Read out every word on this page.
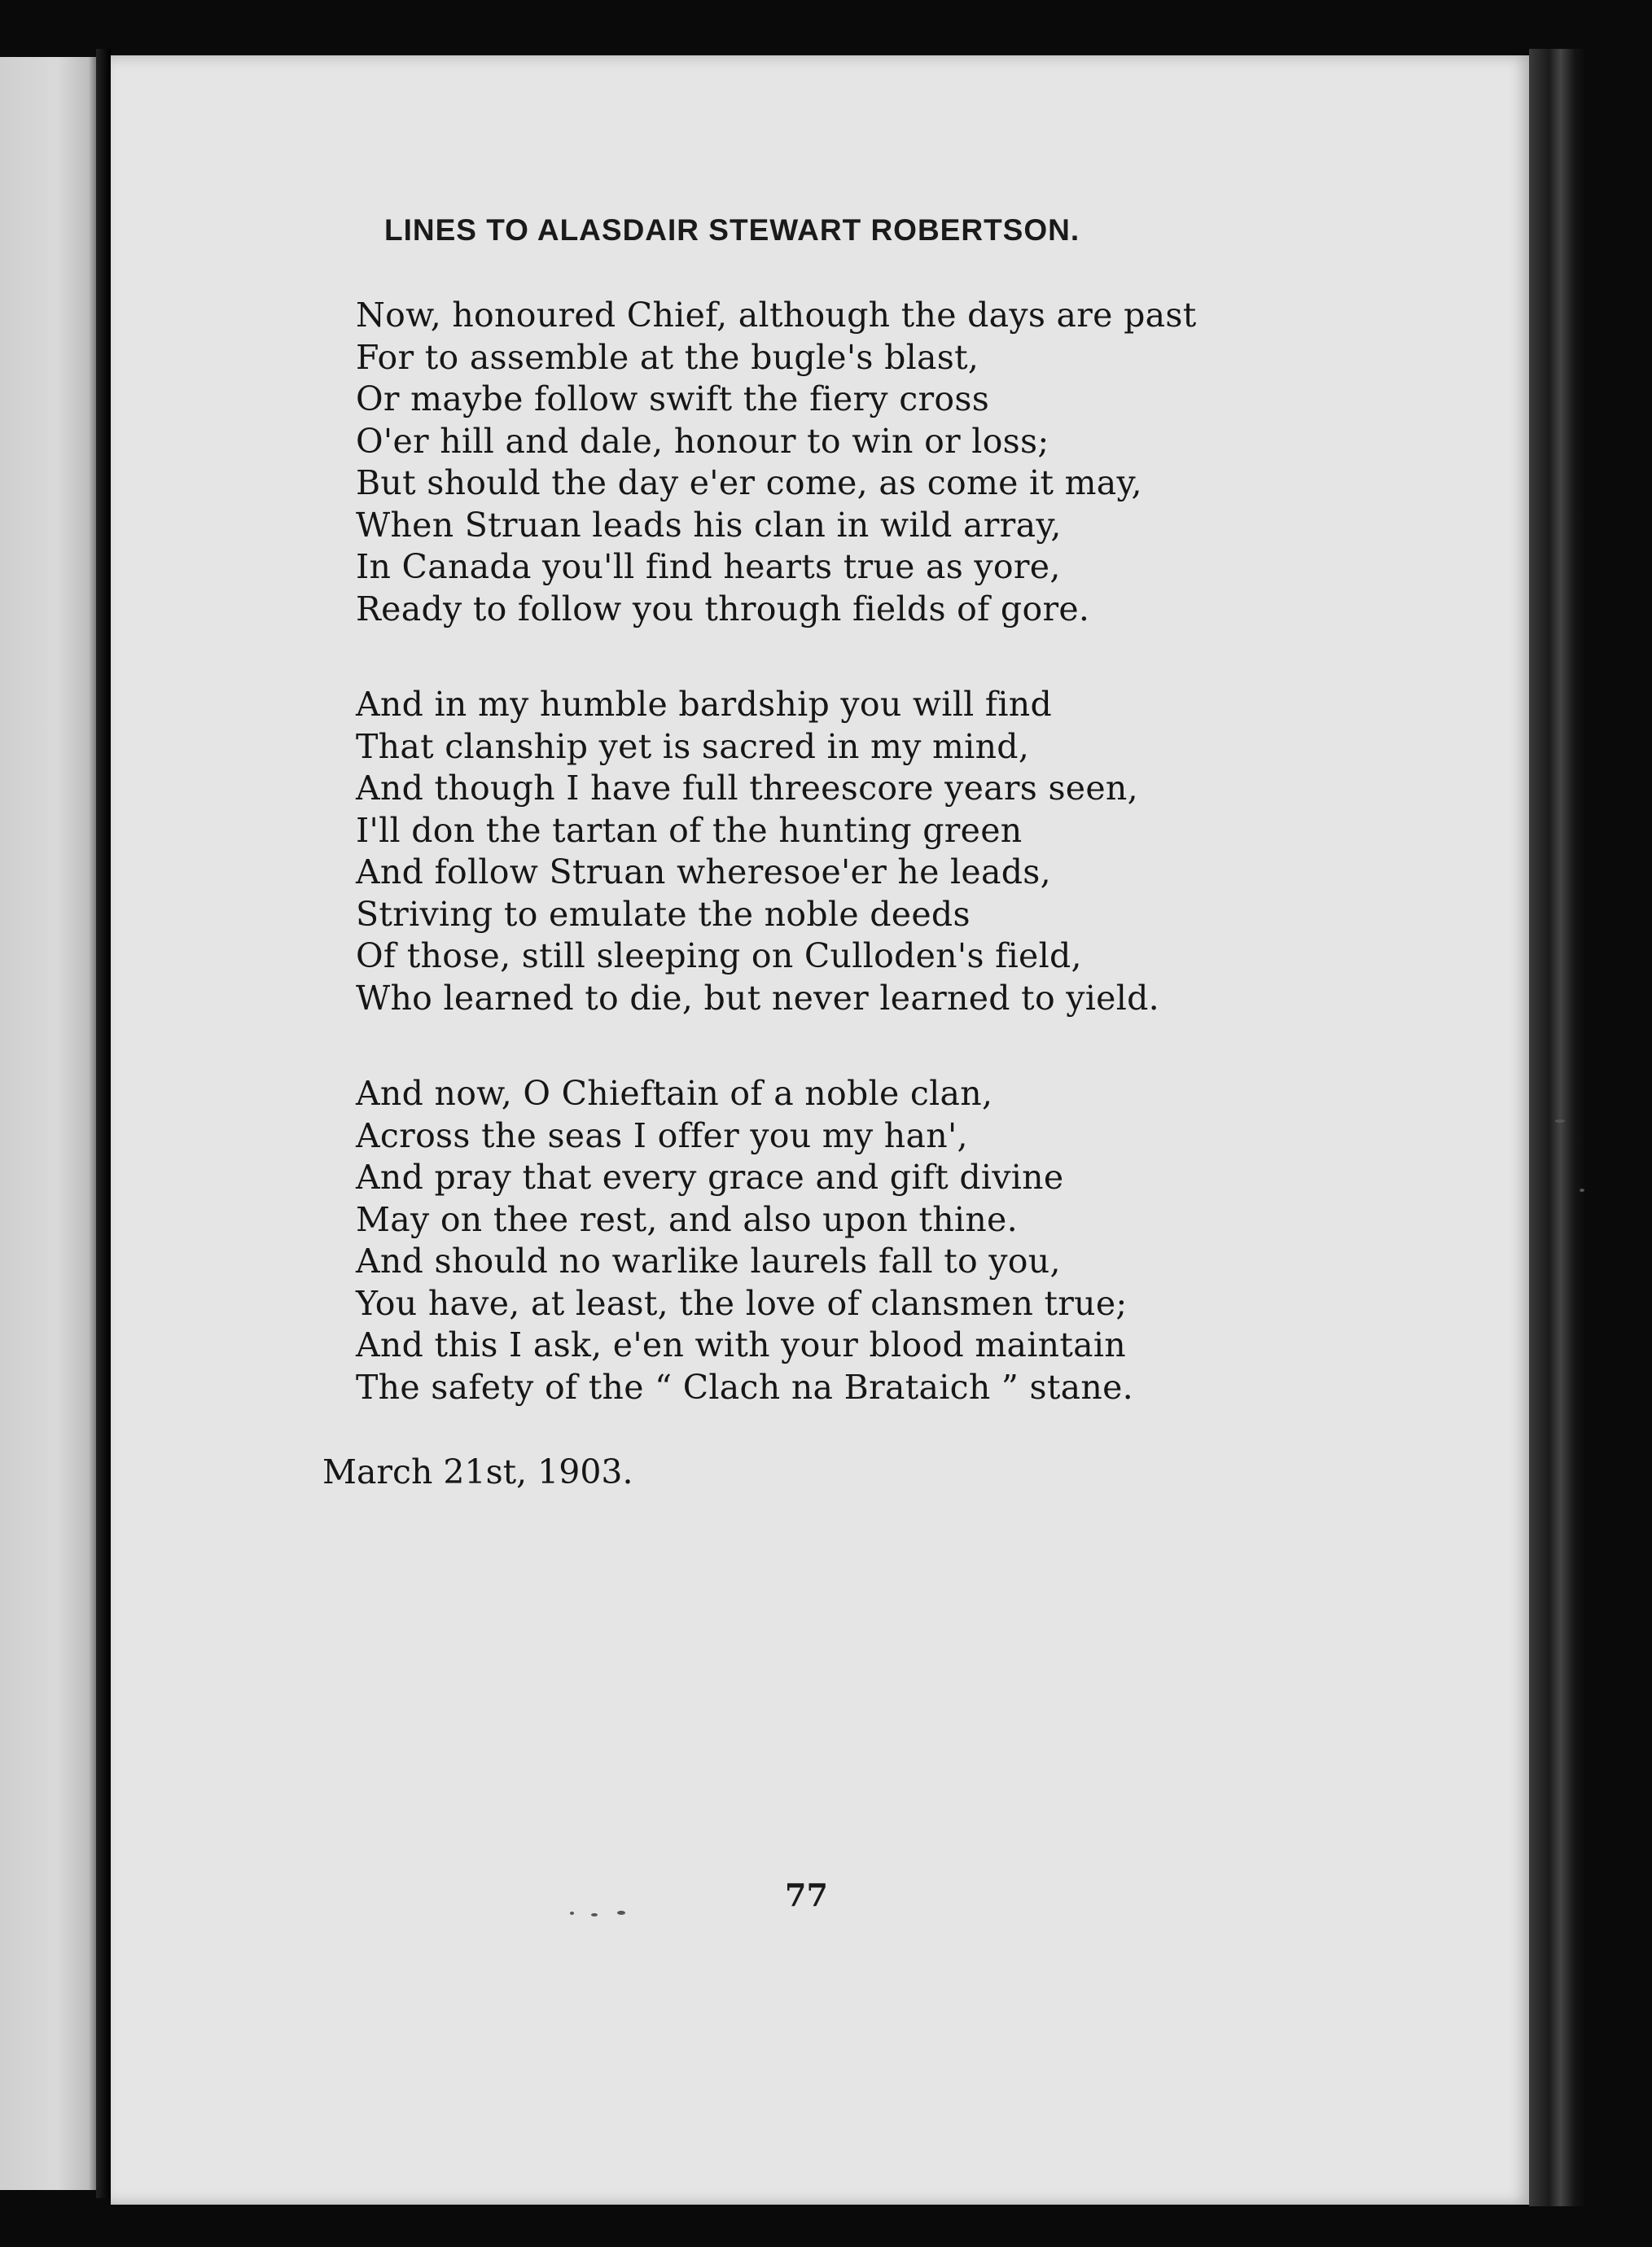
LINES TO ALASDAIR STEWART ROBERTSON.
Now, honoured Chief, although the days are past
For to assemble at the bugle's blast,
Or maybe follow swift the fiery cross
O'er hill and dale, honour to win or loss;
But should the day e'er come, as come it may,
When Struan leads his clan in wild array,
In Canada you'll find hearts true as yore,
Ready to follow you through fields of gore.
And in my humble bardship you will find
That clanship yet is sacred in my mind,
And though I have full threescore years seen,
I'll don the tartan of the hunting green
And follow Struan wheresoe'er he leads,
Striving to emulate the noble deeds
Of those, still sleeping on Culloden's field,
Who learned to die, but never learned to yield.
And now, O Chieftain of a noble clan,
Across the seas I offer you my han',
And pray that every grace and gift divine
May on thee rest, and also upon thine.
And should no warlike laurels fall to you,
You have, at least, the love of clansmen true;
And this I ask, e'en with your blood maintain
The safety of the “ Clach na Brataich ” stane.
March 21st, 1903.
77
